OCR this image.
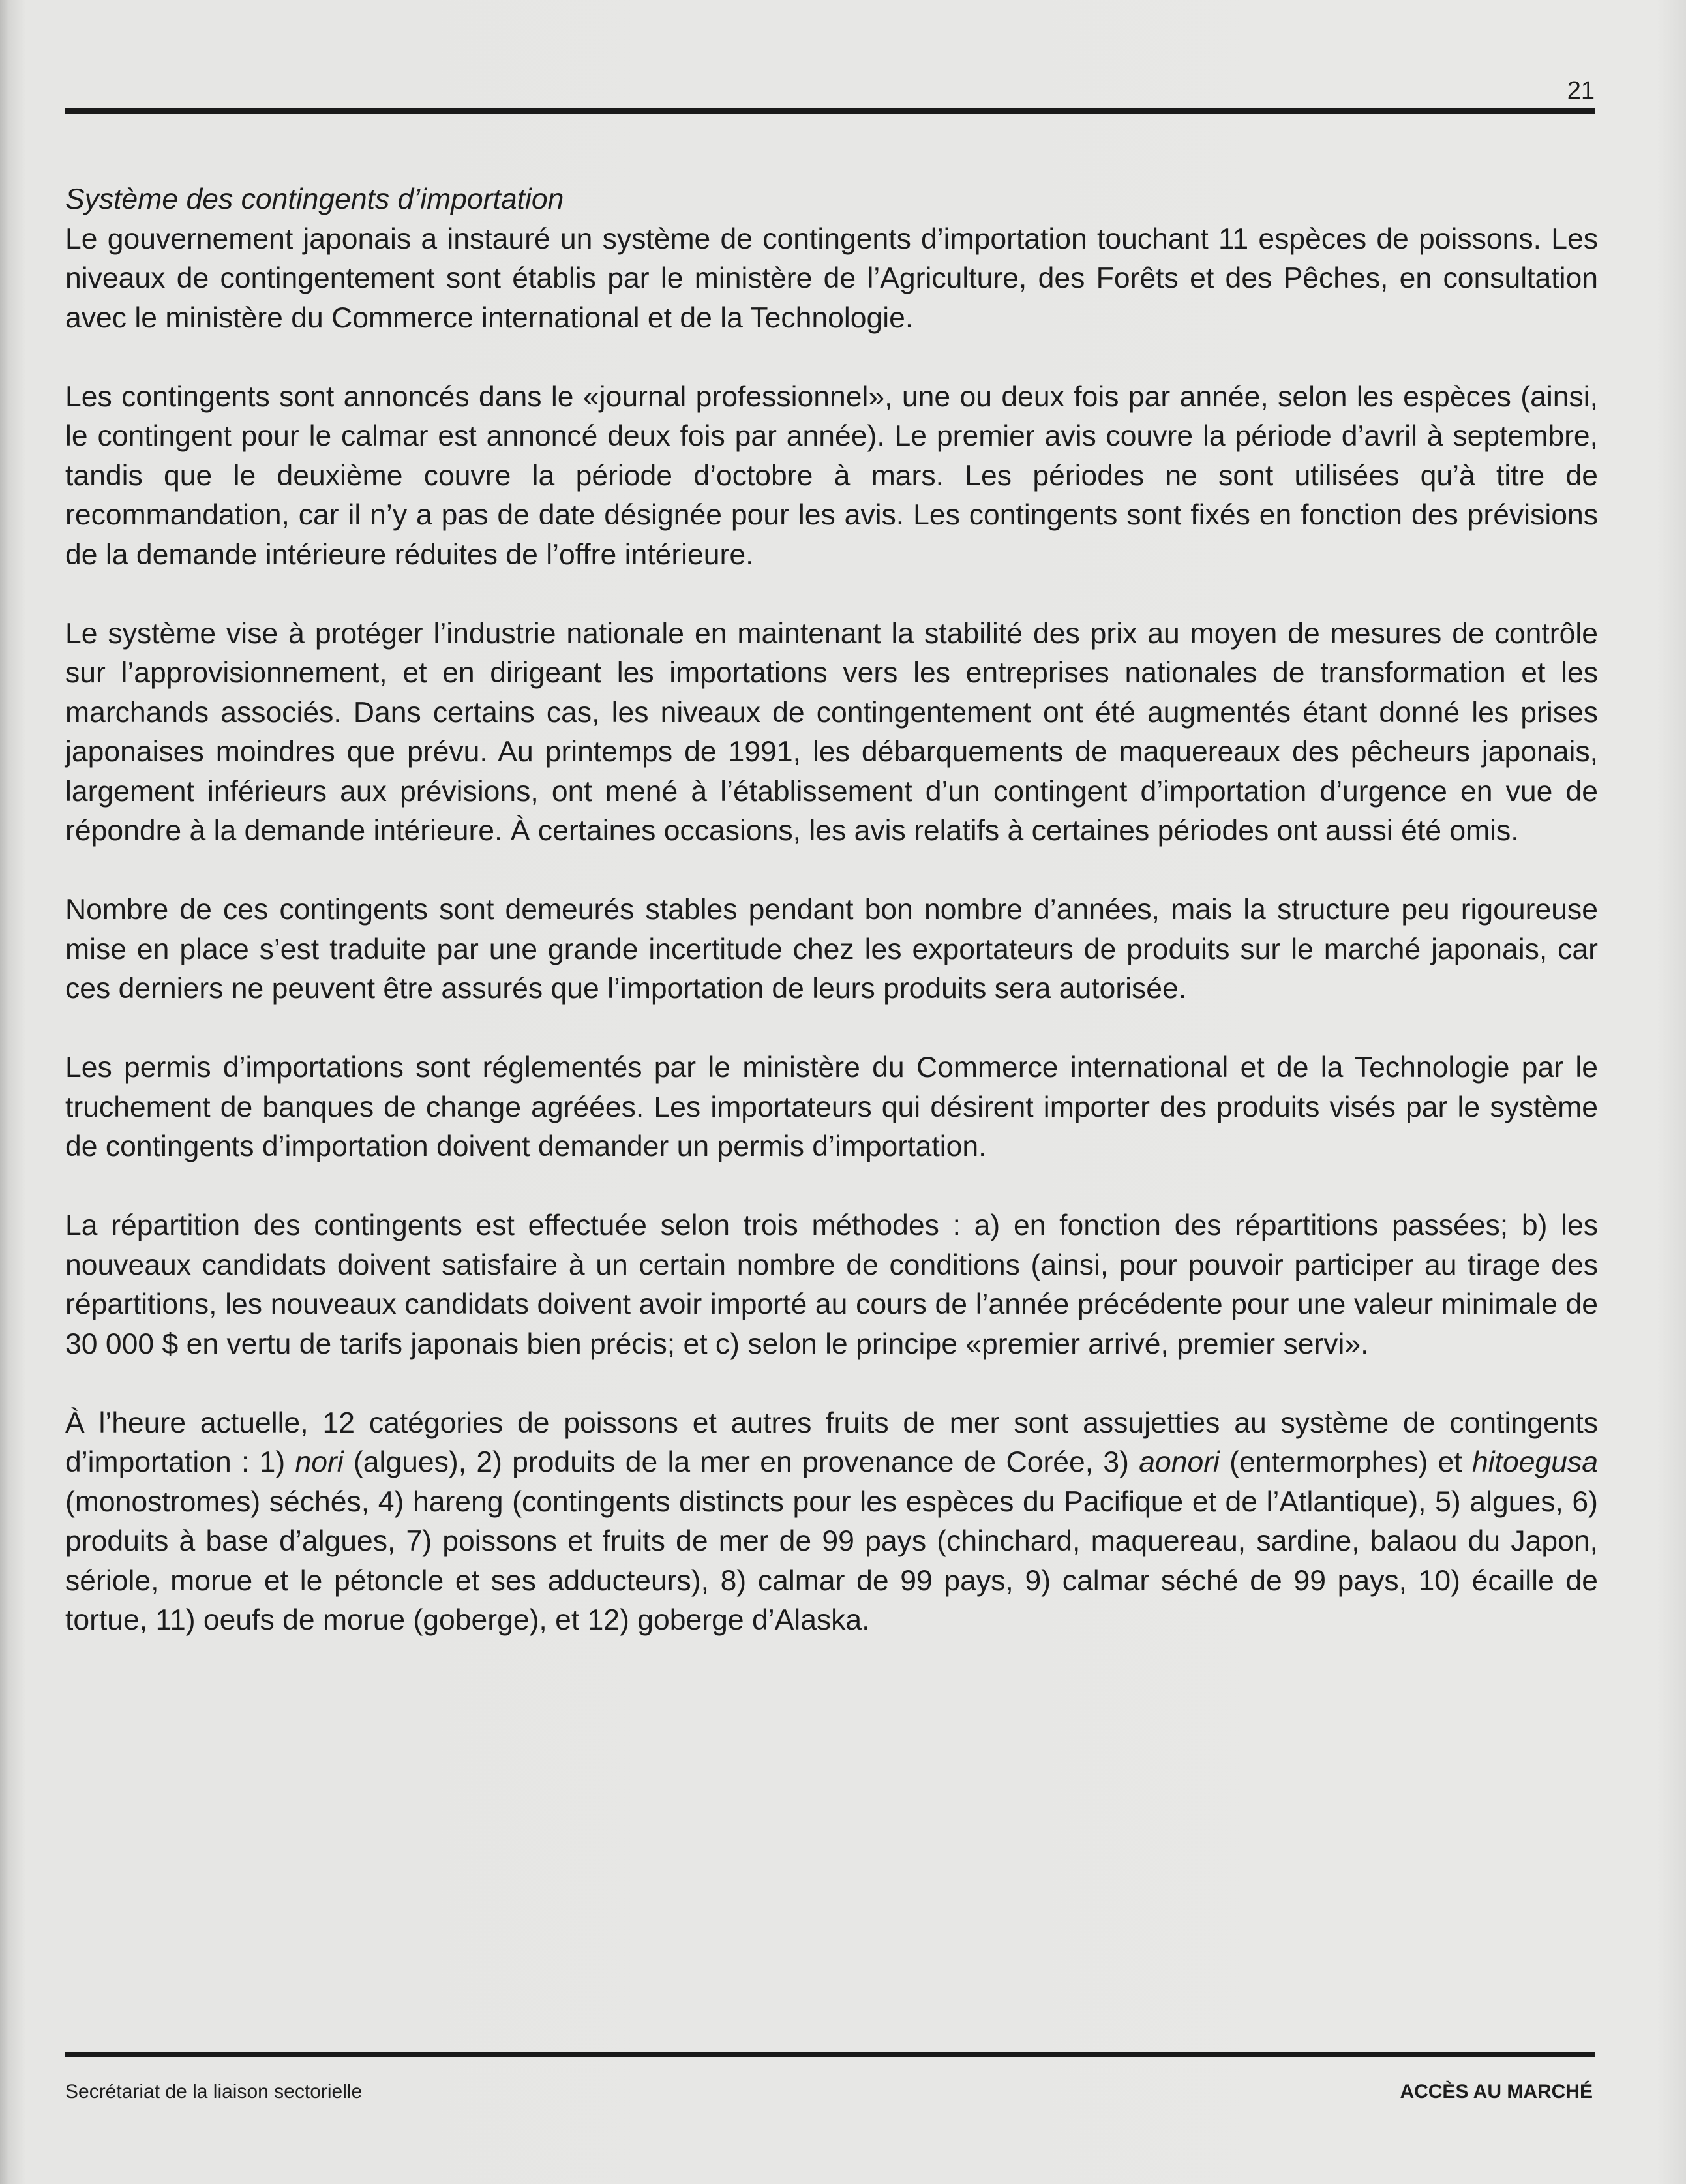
21

Système des contingents d’importation

Le gouvernement japonais a instauré un système de contingents d’importation touchant 11 espèces de poissons. Les niveaux de contingentement sont établis par le ministère de l’Agriculture, des Forêts et des Pêches, en consultation avec le ministère du Commerce international et de la Technologie.

Les contingents sont annoncés dans le «journal professionnel», une ou deux fois par année, selon les espèces (ainsi, le contingent pour le calmar est annoncé deux fois par année). Le premier avis couvre la période d’avril à septembre, tandis que le deuxième couvre la période d’octobre à mars. Les périodes ne sont utilisées qu’à titre de recommandation, car il n’y a pas de date désignée pour les avis. Les contingents sont fixés en fonction des prévisions de la demande intérieure réduites de l’offre intérieure.

Le système vise à protéger l’industrie nationale en maintenant la stabilité des prix au moyen de mesures de contrôle sur l’approvisionnement, et en dirigeant les importations vers les entreprises nationales de transformation et les marchands associés. Dans certains cas, les niveaux de contingentement ont été augmentés étant donné les prises japonaises moindres que prévu. Au printemps de 1991, les débarquements de maquereaux des pêcheurs japonais, largement inférieurs aux prévisions, ont mené à l’établissement d’un contingent d’importation d’urgence en vue de répondre à la demande intérieure. À certaines occasions, les avis relatifs à certaines périodes ont aussi été omis.

Nombre de ces contingents sont demeurés stables pendant bon nombre d’années, mais la structure peu rigoureuse mise en place s’est traduite par une grande incertitude chez les exportateurs de produits sur le marché japonais, car ces derniers ne peuvent être assurés que l’importation de leurs produits sera autorisée.

Les permis d’importations sont réglementés par le ministère du Commerce international et de la Technologie par le truchement de banques de change agréées. Les importateurs qui désirent importer des produits visés par le système de contingents d’importation doivent demander un permis d’importation.

La répartition des contingents est effectuée selon trois méthodes : a) en fonction des répartitions passées; b) les nouveaux candidats doivent satisfaire à un certain nombre de conditions (ainsi, pour pouvoir participer au tirage des répartitions, les nouveaux candidats doivent avoir importé au cours de l’année précédente pour une valeur minimale de 30 000 $ en vertu de tarifs japonais bien précis; et c) selon le principe «premier arrivé, premier servi».

À l’heure actuelle, 12 catégories de poissons et autres fruits de mer sont assujetties au système de contingents d’importation : 1) nori (algues), 2) produits de la mer en provenance de Corée, 3) aonori (entermorphes) et hitoegusa (monostromes) séchés, 4) hareng (contingents distincts pour les espèces du Pacifique et de l’Atlantique), 5) algues, 6) produits à base d’algues, 7) poissons et fruits de mer de 99 pays (chinchard, maquereau, sardine, balaou du Japon, sériole, morue et le pétoncle et ses adducteurs), 8) calmar de 99 pays, 9) calmar séché de 99 pays, 10) écaille de tortue, 11) oeufs de morue (goberge), et 12) goberge d’Alaska.

Secrétariat de la liaison sectorielle	ACCÈS AU MARCHÉ
